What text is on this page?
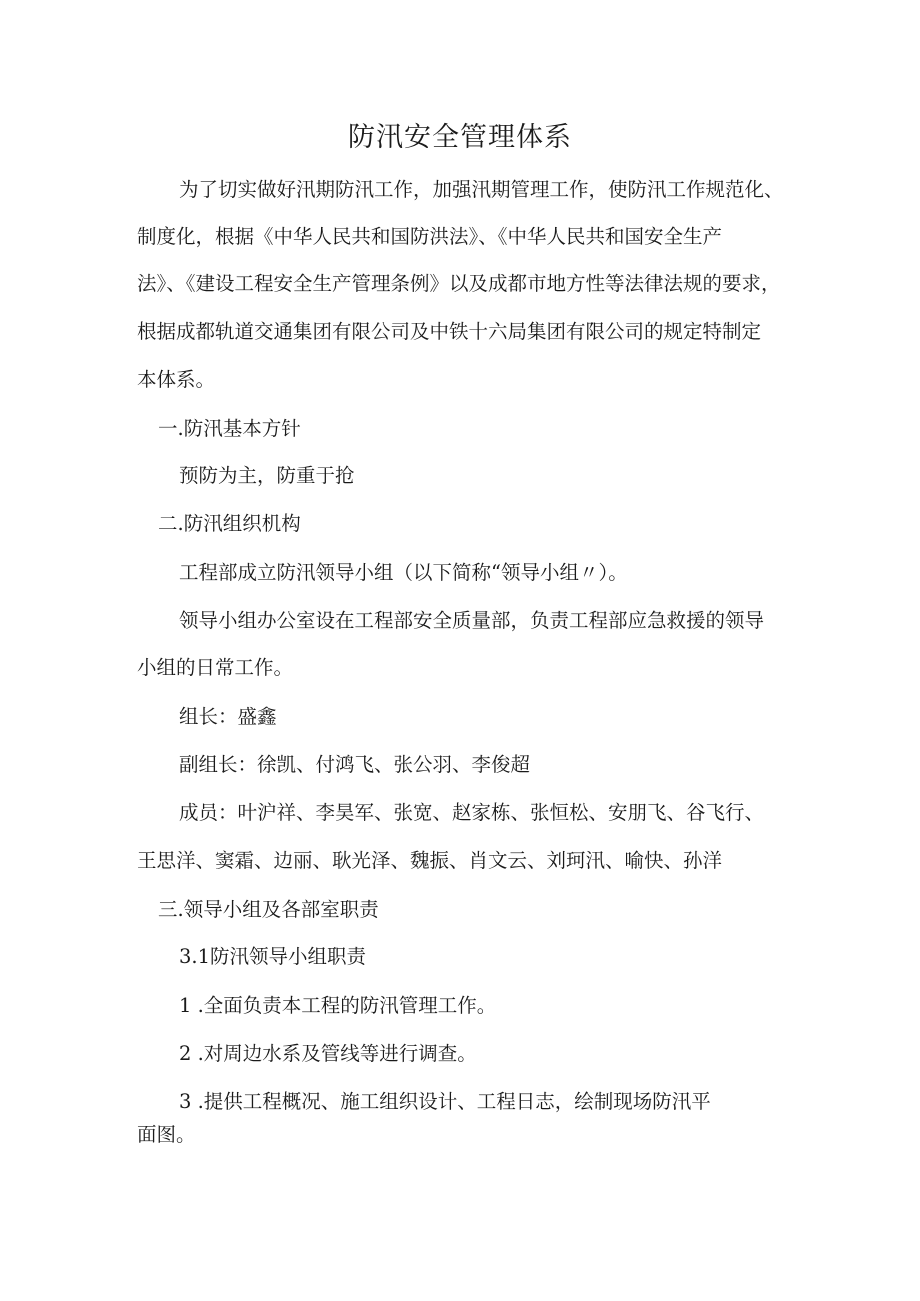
防汛安全管理体系

为了切实做好汛期防汛工作，加强汛期管理工作，使防汛工作规范化、

制度化，根据《中华人民共和国防洪法》、《中华人民共和国安全生产

法》、《建设工程安全生产管理条例》以及成都市地方性等法律法规的要求，

根据成都轨道交通集团有限公司及中铁十六局集团有限公司的规定特制定

本体系。

一.防汛基本方针

预防为主，防重于抢

二.防汛组织机构

工程部成立防汛领导小组（以下简称“领导小组〃）。

领导小组办公室设在工程部安全质量部，负责工程部应急救援的领导

小组的日常工作。

组长：盛鑫

副组长：徐凯、付鸿飞、张公羽、李俊超

成员：叶沪祥、李昊军、张宽、赵家栋、张恒松、安朋飞、谷飞行、

王思洋、窦霜、边丽、耿光泽、魏振、肖文云、刘珂汛、喻快、孙洋

三.领导小组及各部室职责

3.1防汛领导小组职责

1 .全面负责本工程的防汛管理工作。

2 .对周边水系及管线等进行调查。

3 .提供工程概况、施工组织设计、工程日志，绘制现场防汛平

面图。
